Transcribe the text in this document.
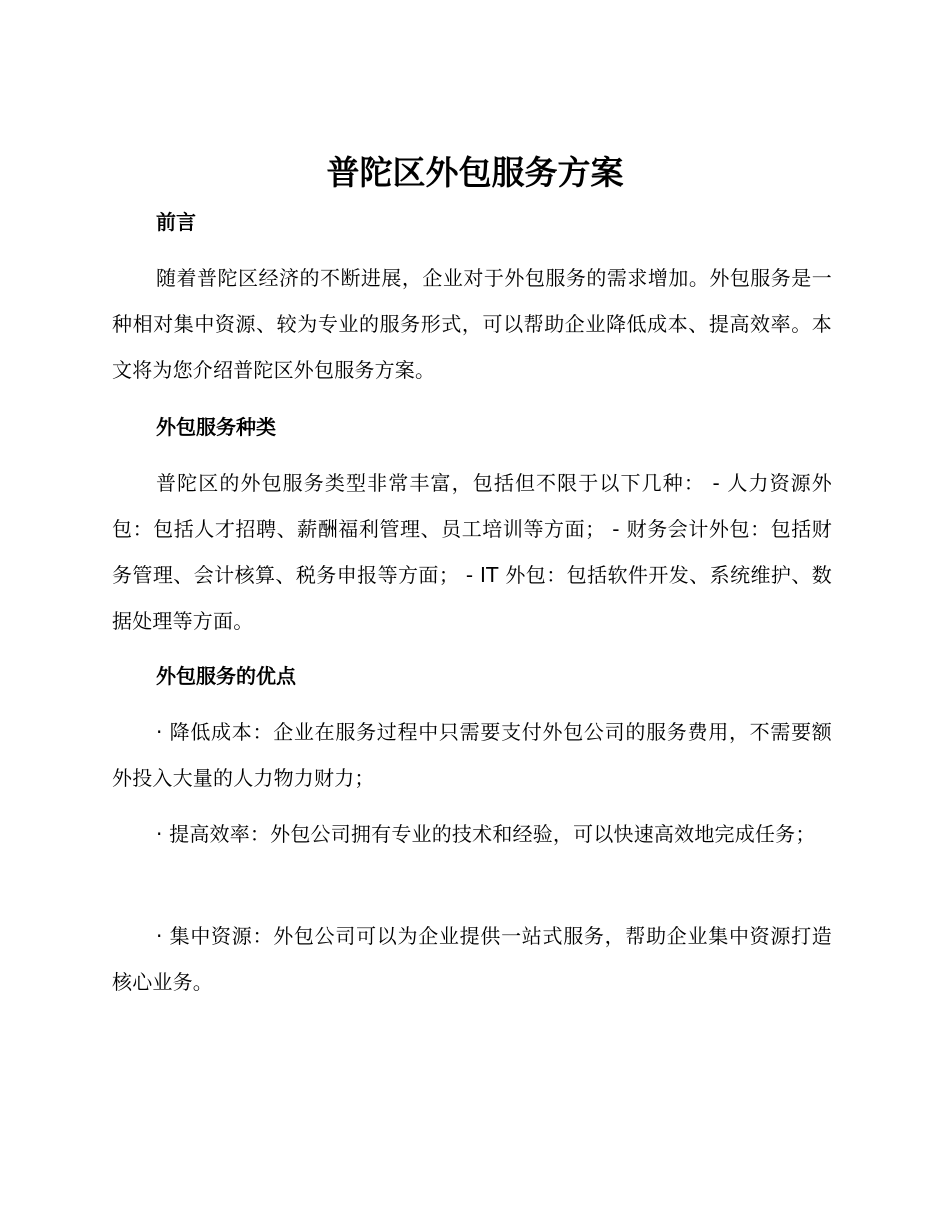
普陀区外包服务方案
前言

随着普陀区经济的不断进展，企业对于外包服务的需求增加。外包服务是一种相对集中资源、较为专业的服务形式，可以帮助企业降低成本、提高效率。本文将为您介绍普陀区外包服务方案。

外包服务种类

普陀区的外包服务类型非常丰富，包括但不限于以下几种： - 人力资源外包：包括人才招聘、薪酬福利管理、员工培训等方面； - 财务会计外包：包括财务管理、会计核算、税务申报等方面； - IT 外包：包括软件开发、系统维护、数据处理等方面。

外包服务的优点

· 降低成本：企业在服务过程中只需要支付外包公司的服务费用，不需要额外投入大量的人力物力财力；

· 提高效率：外包公司拥有专业的技术和经验，可以快速高效地完成任务；

· 集中资源：外包公司可以为企业提供一站式服务，帮助企业集中资源打造核心业务。
